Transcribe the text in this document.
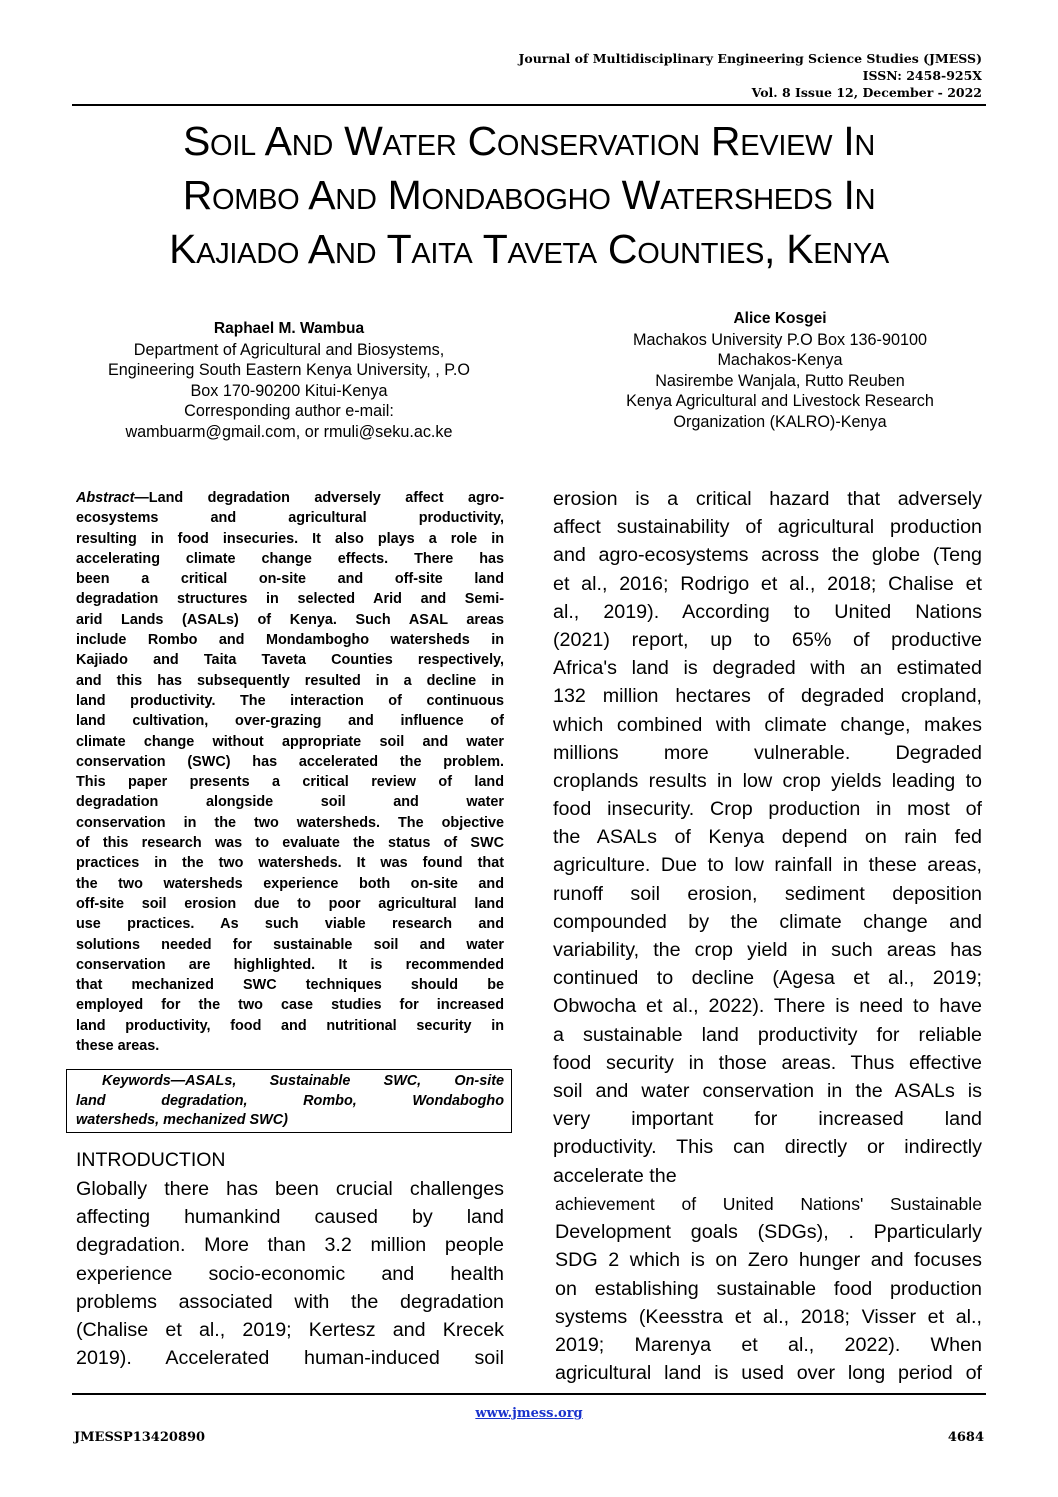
Journal of Multidisciplinary Engineering Science Studies (JMESS)
ISSN: 2458-925X
Vol. 8 Issue 12, December - 2022
Soil And Water Conservation Review In
Rombo And Mondabogho Watersheds In
Kajiado And Taita Taveta Counties, Kenya
Raphael M. Wambua
Department of Agricultural and Biosystems,
Engineering South Eastern Kenya University, , P.O
Box 170-90200 Kitui-Kenya
Corresponding author e-mail:
wambuarm@gmail.com, or rmuli@seku.ac.ke
Alice Kosgei
Machakos University P.O Box 136-90100
Machakos-Kenya
Nasirembe Wanjala, Rutto Reuben
Kenya Agricultural and Livestock Research
Organization (KALRO)-Kenya
Abstract—Land degradation adversely affect agro-
ecosystems and agricultural productivity,
resulting in food insecuries. It also plays a role in
accelerating climate change effects. There has
been a critical on-site and off-site land
degradation structures in selected Arid and Semi-
arid Lands (ASALs) of Kenya. Such ASAL areas
include Rombo and Mondambogho watersheds in
Kajiado and Taita Taveta Counties respectively,
and this has subsequently resulted in a decline in
land productivity. The interaction of continuous
land cultivation, over-grazing and influence of
climate change without appropriate soil and water
conservation (SWC) has accelerated the problem.
This paper presents a critical review of land
degradation alongside soil and water
conservation in the two watersheds. The objective
of this research was to evaluate the status of SWC
practices in the two watersheds. It was found that
the two watersheds experience both on-site and
off-site soil erosion due to poor agricultural land
use practices. As such viable research and
solutions needed for sustainable soil and water
conservation are highlighted. It is recommended
that mechanized SWC techniques should be
employed for the two case studies for increased
land productivity, food and nutritional security in
these areas.
Keywords—ASALs, Sustainable SWC, On-site
land degradation, Rombo, Wondabogho
watersheds, mechanized SWC)
INTRODUCTION
Globally there has been crucial challenges
affecting humankind caused by land
degradation. More than 3.2 million people
experience socio-economic and health
problems associated with the degradation
(Chalise et al., 2019; Kertesz and Krecek
2019). Accelerated human-induced soil
erosion is a critical hazard that adversely
affect sustainability of agricultural production
and agro-ecosystems across the globe (Teng
et al., 2016; Rodrigo et al., 2018; Chalise et
al., 2019). According to United Nations
(2021) report, up to 65% of productive
Africa's land is degraded with an estimated
132 million hectares of degraded cropland,
which combined with climate change, makes
millions more vulnerable. Degraded
croplands results in low crop yields leading to
food insecurity. Crop production in most of
the ASALs of Kenya depend on rain fed
agriculture. Due to low rainfall in these areas,
runoff soil erosion, sediment deposition
compounded by the climate change and
variability, the crop yield in such areas has
continued to decline (Agesa et al., 2019;
Obwocha et al., 2022). There is need to have
a sustainable land productivity for reliable
food security in those areas. Thus effective
soil and water conservation in the ASALs is
very important for increased land
productivity. This can directly or indirectly
accelerate the
achievement of United Nations' Sustainable
Development goals (SDGs), . Pparticularly
SDG 2 which is on Zero hunger and focuses
on establishing sustainable food production
systems (Keesstra et al., 2018; Visser et al.,
2019; Marenya et al., 2022). When
agricultural land is used over long period of
www.jmess.org
JMESSP13420890	4684
